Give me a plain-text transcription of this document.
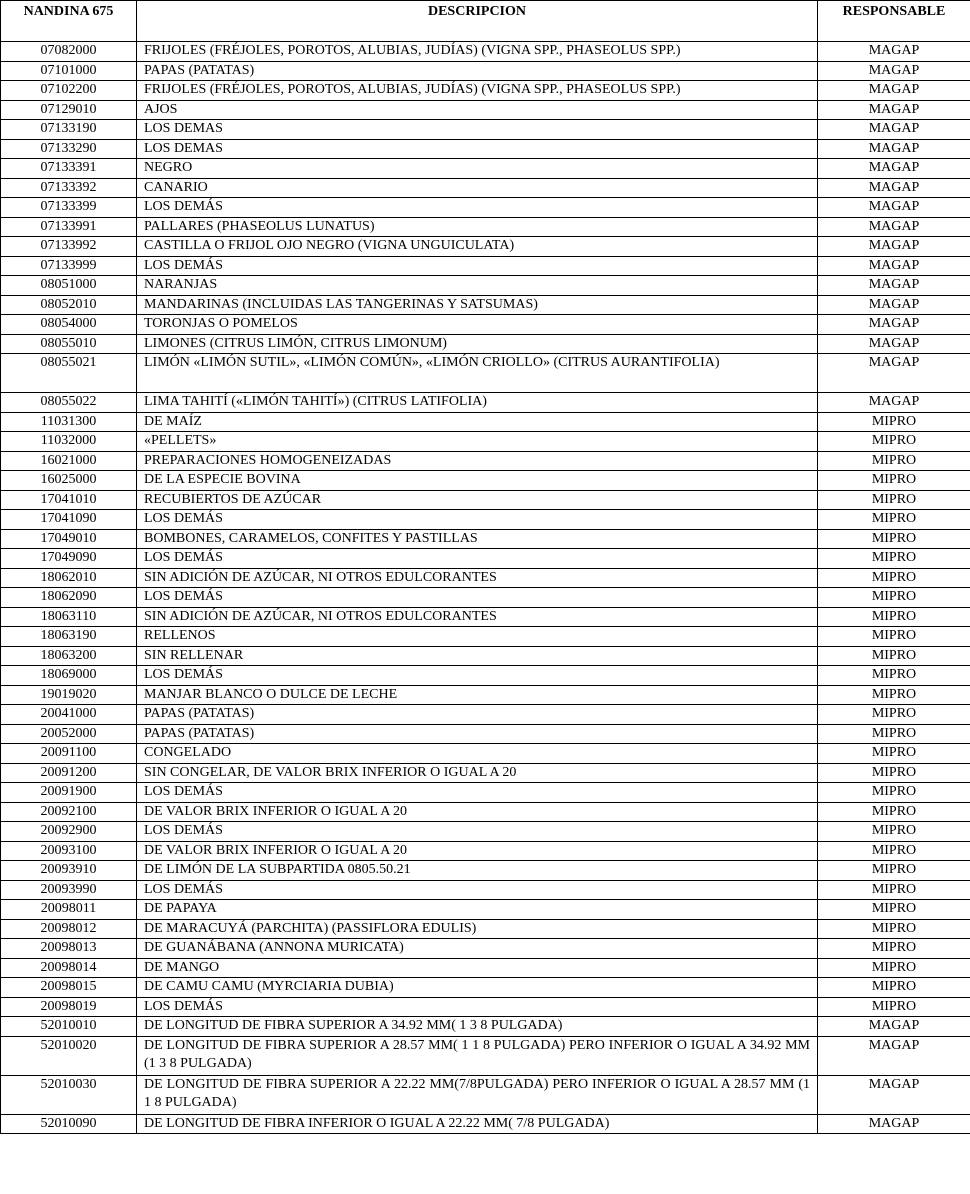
NANDINA 675	DESCRIPCION	RESPONSABLE
07082000	FRIJOLES (FRÉJOLES, POROTOS, ALUBIAS, JUDÍAS) (VIGNA SPP., PHASEOLUS SPP.)	MAGAP
07101000	PAPAS (PATATAS)	MAGAP
07102200	FRIJOLES (FRÉJOLES, POROTOS, ALUBIAS, JUDÍAS) (VIGNA SPP., PHASEOLUS SPP.)	MAGAP
07129010	AJOS	MAGAP
07133190	LOS DEMAS	MAGAP
07133290	LOS DEMAS	MAGAP
07133391	NEGRO	MAGAP
07133392	CANARIO	MAGAP
07133399	LOS DEMÁS	MAGAP
07133991	PALLARES (PHASEOLUS LUNATUS)	MAGAP
07133992	CASTILLA O FRIJOL OJO NEGRO (VIGNA UNGUICULATA)	MAGAP
07133999	LOS DEMÁS	MAGAP
08051000	NARANJAS	MAGAP
08052010	MANDARINAS (INCLUIDAS LAS TANGERINAS Y SATSUMAS)	MAGAP
08054000	TORONJAS O POMELOS	MAGAP
08055010	LIMONES (CITRUS LIMÓN, CITRUS LIMONUM)	MAGAP
08055021	LIMÓN «LIMÓN SUTIL», «LIMÓN COMÚN», «LIMÓN CRIOLLO» (CITRUS AURANTIFOLIA)	MAGAP
08055022	LIMA TAHITÍ («LIMÓN TAHITÍ») (CITRUS LATIFOLIA)	MAGAP
11031300	DE MAÍZ	MIPRO
11032000	«PELLETS»	MIPRO
16021000	PREPARACIONES HOMOGENEIZADAS	MIPRO
16025000	DE LA ESPECIE BOVINA	MIPRO
17041010	RECUBIERTOS DE AZÚCAR	MIPRO
17041090	LOS DEMÁS	MIPRO
17049010	BOMBONES, CARAMELOS, CONFITES Y PASTILLAS	MIPRO
17049090	LOS DEMÁS	MIPRO
18062010	SIN ADICIÓN DE AZÚCAR, NI OTROS EDULCORANTES	MIPRO
18062090	LOS DEMÁS	MIPRO
18063110	SIN ADICIÓN DE AZÚCAR, NI OTROS EDULCORANTES	MIPRO
18063190	RELLENOS	MIPRO
18063200	SIN RELLENAR	MIPRO
18069000	LOS DEMÁS	MIPRO
19019020	MANJAR BLANCO O DULCE DE LECHE	MIPRO
20041000	PAPAS (PATATAS)	MIPRO
20052000	PAPAS (PATATAS)	MIPRO
20091100	CONGELADO	MIPRO
20091200	SIN CONGELAR, DE VALOR BRIX INFERIOR O IGUAL A 20	MIPRO
20091900	LOS DEMÁS	MIPRO
20092100	DE VALOR BRIX INFERIOR O IGUAL A 20	MIPRO
20092900	LOS DEMÁS	MIPRO
20093100	DE VALOR BRIX INFERIOR O IGUAL A 20	MIPRO
20093910	DE LIMÓN DE LA SUBPARTIDA 0805.50.21	MIPRO
20093990	LOS DEMÁS	MIPRO
20098011	DE PAPAYA	MIPRO
20098012	DE MARACUYÁ (PARCHITA) (PASSIFLORA EDULIS)	MIPRO
20098013	DE GUANÁBANA (ANNONA MURICATA)	MIPRO
20098014	DE MANGO	MIPRO
20098015	DE CAMU CAMU (MYRCIARIA DUBIA)	MIPRO
20098019	LOS DEMÁS	MIPRO
52010010	DE LONGITUD DE FIBRA SUPERIOR A 34.92 MM( 1 3 8 PULGADA)	MAGAP
52010020	DE LONGITUD DE FIBRA SUPERIOR A 28.57 MM( 1 1 8 PULGADA) PERO INFERIOR O IGUAL A 34.92 MM (1 3 8 PULGADA)	MAGAP
52010030	DE LONGITUD DE FIBRA SUPERIOR A 22.22 MM(7/8PULGADA) PERO INFERIOR O IGUAL A 28.57 MM (1 1 8 PULGADA)	MAGAP
52010090	DE LONGITUD DE FIBRA INFERIOR O IGUAL A 22.22 MM( 7/8 PULGADA)	MAGAP
